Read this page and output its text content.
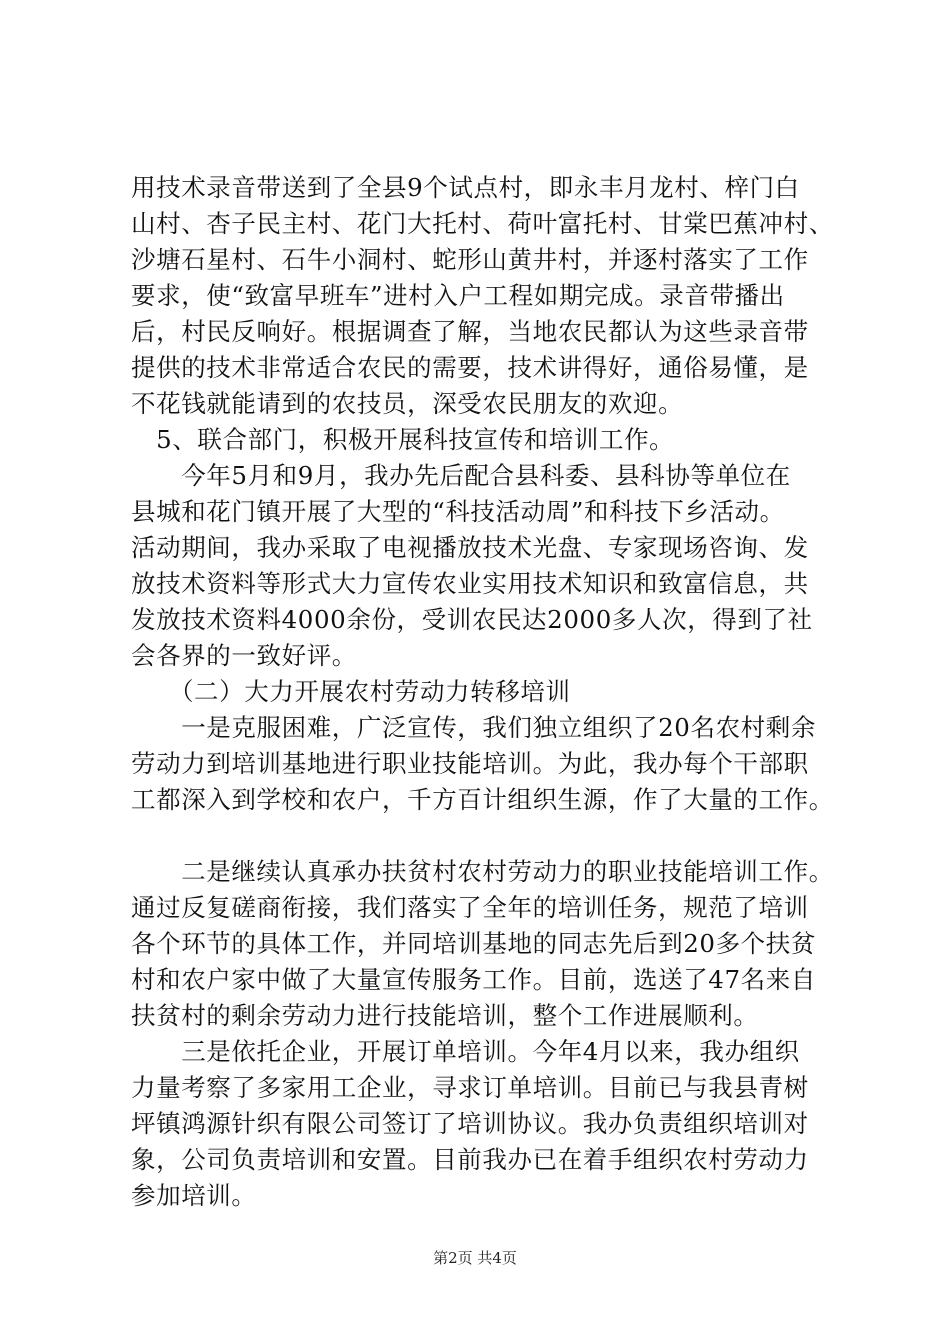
用技术录音带送到了全县9个试点村，即永丰月龙村、梓门白
山村、杏子民主村、花门大托村、荷叶富托村、甘棠巴蕉冲村、
沙塘石星村、石牛小洞村、蛇形山黄井村，并逐村落实了工作
要求，使“致富早班车”进村入户工程如期完成。录音带播出
后，村民反响好。根据调查了解，当地农民都认为这些录音带
提供的技术非常适合农民的需要，技术讲得好，通俗易懂，是
不花钱就能请到的农技员，深受农民朋友的欢迎。
　5、联合部门，积极开展科技宣传和培训工作。
　　今年5月和9月，我办先后配合县科委、县科协等单位在
县城和花门镇开展了大型的“科技活动周”和科技下乡活动。
活动期间，我办采取了电视播放技术光盘、专家现场咨询、发
放技术资料等形式大力宣传农业实用技术知识和致富信息，共
发放技术资料4000余份，受训农民达2000多人次，得到了社
会各界的一致好评。
　　（二）大力开展农村劳动力转移培训
　　一是克服困难，广泛宣传，我们独立组织了20名农村剩余
劳动力到培训基地进行职业技能培训。为此，我办每个干部职
工都深入到学校和农户，千方百计组织生源，作了大量的工作。
　　二是继续认真承办扶贫村农村劳动力的职业技能培训工作。
通过反复磋商衔接，我们落实了全年的培训任务，规范了培训
各个环节的具体工作，并同培训基地的同志先后到20多个扶贫
村和农户家中做了大量宣传服务工作。目前，选送了47名来自
扶贫村的剩余劳动力进行技能培训，整个工作进展顺利。
　　三是依托企业，开展订单培训。今年4月以来，我办组织
力量考察了多家用工企业，寻求订单培训。目前已与我县青树
坪镇鸿源针织有限公司签订了培训协议。我办负责组织培训对
象，公司负责培训和安置。目前我办已在着手组织农村劳动力
参加培训。
第2页 共4页
